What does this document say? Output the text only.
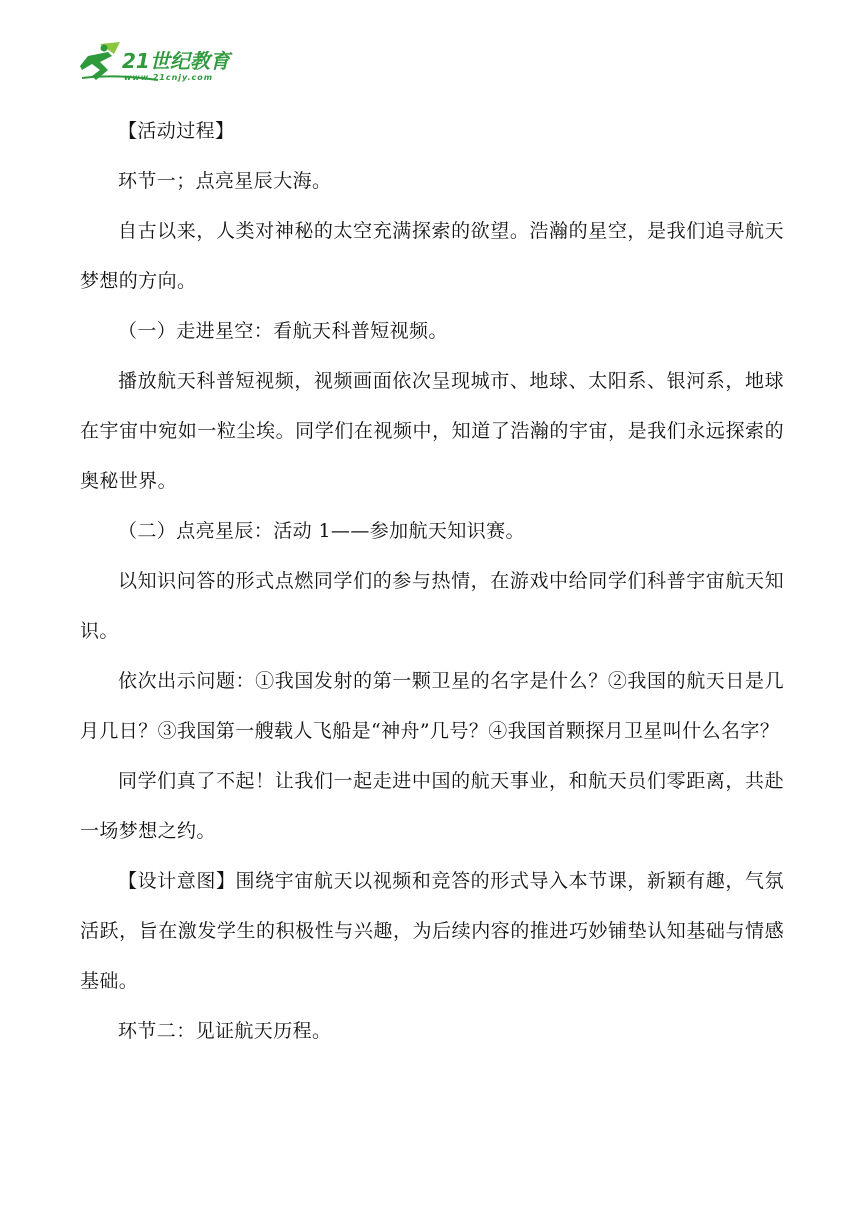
21世纪教育
www.21cnjy.com

【活动过程】

环节一；点亮星辰大海。

自古以来，人类对神秘的太空充满探索的欲望。浩瀚的星空，是我们追寻航天梦想的方向。

（一）走进星空：看航天科普短视频。

播放航天科普短视频，视频画面依次呈现城市、地球、太阳系、银河系，地球在宇宙中宛如一粒尘埃。同学们在视频中，知道了浩瀚的宇宙，是我们永远探索的奥秘世界。

（二）点亮星辰：活动 1——参加航天知识赛。

以知识问答的形式点燃同学们的参与热情，在游戏中给同学们科普宇宙航天知识。

依次出示问题：①我国发射的第一颗卫星的名字是什么？②我国的航天日是几月几日？③我国第一艘载人飞船是“神舟”几号？④我国首颗探月卫星叫什么名字？

同学们真了不起！让我们一起走进中国的航天事业，和航天员们零距离，共赴一场梦想之约。

【设计意图】围绕宇宙航天以视频和竞答的形式导入本节课，新颖有趣，气氛活跃，旨在激发学生的积极性与兴趣，为后续内容的推进巧妙铺垫认知基础与情感基础。

环节二：见证航天历程。
